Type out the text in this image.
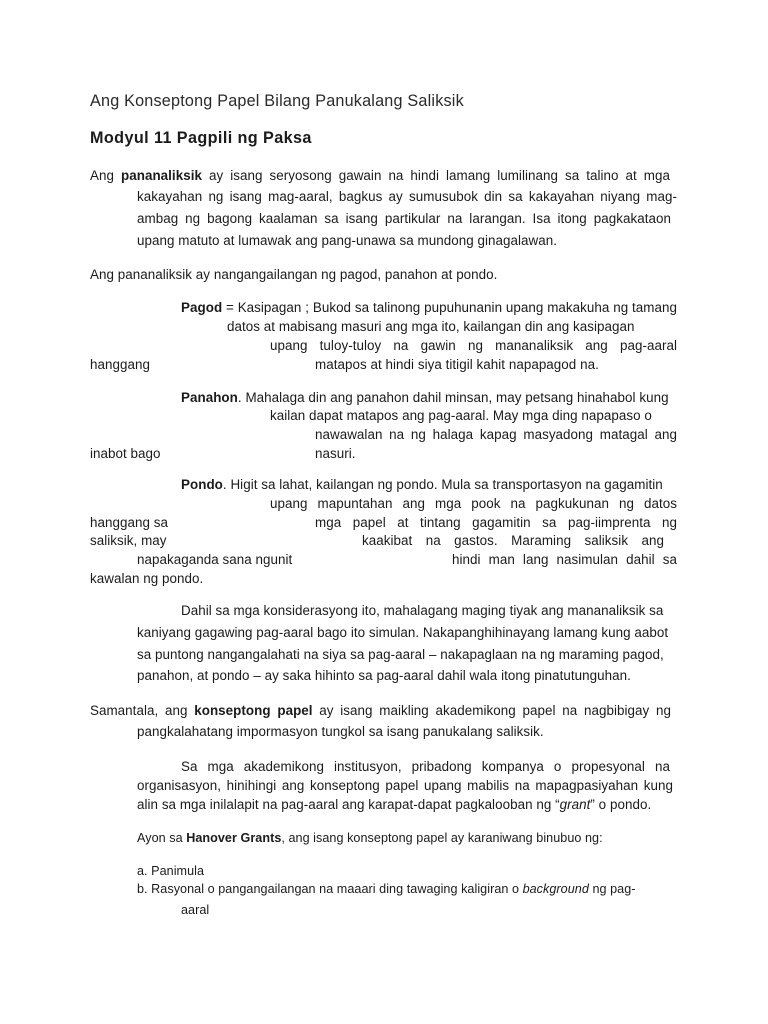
Ang Konseptong Papel Bilang Panukalang Saliksik
Modyul 11 Pagpili ng Paksa
Ang pananaliksik ay isang seryosong gawain na hindi lamang lumilinang sa talino at mga
kakayahan ng isang mag-aaral, bagkus ay sumusubok din sa kakayahan niyang mag-
ambag ng bagong kaalaman sa isang partikular na larangan. Isa itong pagkakataon
upang matuto at lumawak ang pang-unawa sa mundong ginagalawan.
Ang pananaliksik ay nangangailangan ng pagod, panahon at pondo.
Pagod = Kasipagan ; Bukod sa talinong pupuhunanin upang makakuha ng tamang
datos at mabisang masuri ang mga ito, kailangan din ang kasipagan
upang tuloy-tuloy na gawin ng mananaliksik ang pag-aaral
hanggang	matapos at hindi siya titigil kahit napapagod na.
Panahon. Mahalaga din ang panahon dahil minsan, may petsang hinahabol kung
kailan dapat matapos ang pag-aaral. May mga ding napapaso o
nawawalan na ng halaga kapag masyadong matagal ang
inabot bago	nasuri.
Pondo. Higit sa lahat, kailangan ng pondo. Mula sa transportasyon na gagamitin
upang mapuntahan ang mga pook na pagkukunan ng datos
hanggang sa	mga papel at tintang gagamitin sa pag-iimprenta ng
saliksik, may	kaakibat na gastos. Maraming saliksik ang
napakaganda sana ngunit	hindi man lang nasimulan dahil sa
kawalan ng pondo.
Dahil sa mga konsiderasyong ito, mahalagang maging tiyak ang mananaliksik sa
kaniyang gagawing pag-aaral bago ito simulan. Nakapanghihinayang lamang kung aabot
sa puntong nangangalahati na siya sa pag-aaral – nakapaglaan na ng maraming pagod,
panahon, at pondo – ay saka hihinto sa pag-aaral dahil wala itong pinatutunguhan.
Samantala, ang konseptong papel ay isang maikling akademikong papel na nagbibigay ng
pangkalahatang impormasyon tungkol sa isang panukalang saliksik.
Sa mga akademikong institusyon, pribadong kompanya o propesyonal na
organisasyon, hinihingi ang konseptong papel upang mabilis na mapagpasiyahan kung
alin sa mga inilalapit na pag-aaral ang karapat-dapat pagkalooban ng “grant” o pondo.
Ayon sa Hanover Grants, ang isang konseptong papel ay karaniwang binubuo ng:
a. Panimula
b. Rasyonal o pangangailangan na maaari ding tawaging kaligiran o background ng pag-
aaral
